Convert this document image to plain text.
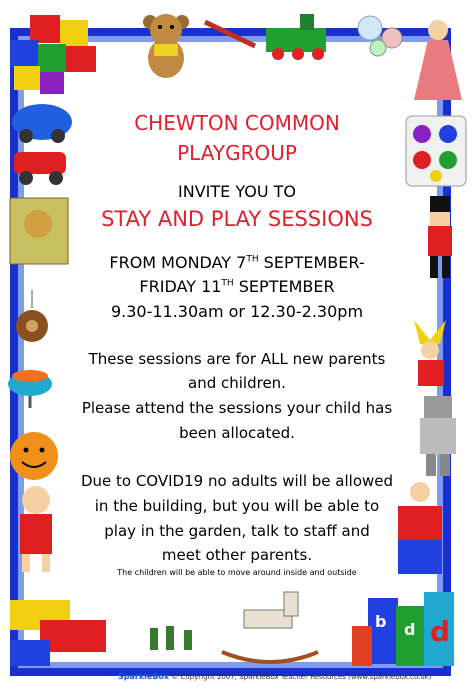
b d d
CHEWTON COMMON
PLAYGROUP
INVITE YOU TO
STAY AND PLAY SESSIONS
FROM MONDAY 7TH SEPTEMBER-
FRIDAY 11TH SEPTEMBER
9.30-11.30am or 12.30-2.30pm
These sessions are for ALL new parents
and children.
Please attend the sessions your child has
been allocated.
Due to COVID19 no adults will be allowed
in the building, but you will be able to
play in the garden, talk to staff and
meet other parents.
The children will be able to move around inside and outside
SparkleBox © Copyright 2007, SparkleBox Teacher Resources (www.sparklebox.co.uk)
